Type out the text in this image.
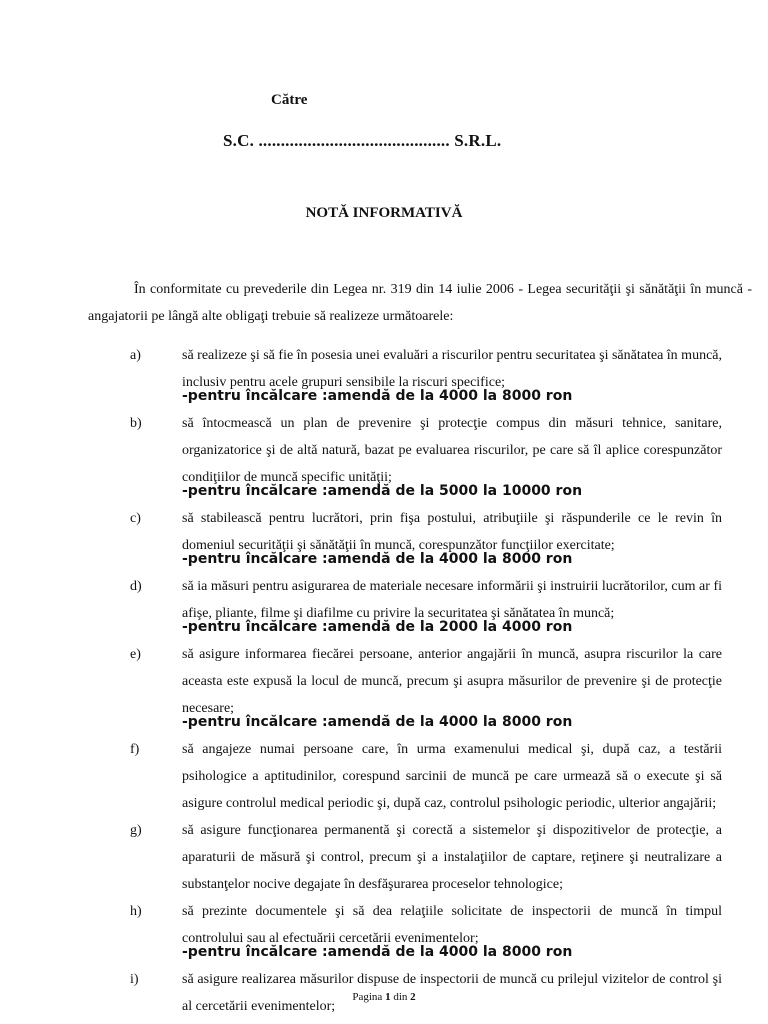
Către
S.C. ........................................... S.R.L.
NOTĂ INFORMATIVĂ
În conformitate cu prevederile din Legea nr. 319 din 14 iulie 2006 - Legea securităţii şi sănătăţii în muncă - angajatorii pe lângă alte obligaţi trebuie să realizeze următoarele:
a)	să realizeze şi să fie în posesia unei evaluări a riscurilor pentru securitatea şi sănătatea în muncă, inclusiv pentru acele grupuri sensibile la riscuri specifice;
-pentru încălcare :amendă de la 4000 la 8000 ron
b)	să întocmească un plan de prevenire şi protecţie compus din măsuri tehnice, sanitare, organizatorice şi de altă natură, bazat pe evaluarea riscurilor, pe care să îl aplice corespunzător condiţiilor de muncă specific unităţii;
-pentru încălcare :amendă de la 5000 la 10000 ron
c)	să stabilească pentru lucrători, prin fişa postului, atribuţiile şi răspunderile ce le revin în domeniul securităţii şi sănătăţii în muncă, corespunzător funcţiilor exercitate;
-pentru încălcare :amendă de la 4000 la 8000 ron
d)	să ia măsuri pentru asigurarea de materiale necesare informării şi instruirii lucrătorilor, cum ar fi afişe, pliante, filme şi diafilme cu privire la securitatea şi sănătatea în muncă;
-pentru încălcare :amendă de la 2000 la 4000 ron
e)	să asigure informarea fiecărei persoane, anterior angajării în muncă, asupra riscurilor la care aceasta este expusă la locul de muncă, precum şi asupra măsurilor de prevenire şi de protecţie necesare;
-pentru încălcare :amendă de la 4000 la 8000 ron
f)	să angajeze numai persoane care, în urma examenului medical şi, după caz, a testării psihologice a aptitudinilor, corespund sarcinii de muncă pe care urmează să o execute şi să asigure controlul medical periodic şi, după caz, controlul psihologic periodic, ulterior angajării;
g)	să asigure funcţionarea permanentă şi corectă a sistemelor şi dispozitivelor de protecţie, a aparaturii de măsură şi control, precum şi a instalaţiilor de captare, reţinere şi neutralizare a substanţelor nocive degajate în desfăşurarea proceselor tehnologice;
h)	să prezinte documentele şi să dea relaţiile solicitate de inspectorii de muncă în timpul controlului sau al efectuării cercetării evenimentelor;
-pentru încălcare :amendă de la 4000 la 8000 ron
i)	să asigure realizarea măsurilor dispuse de inspectorii de muncă cu prilejul vizitelor de control şi al cercetării evenimentelor;
Pagina 1 din 2
